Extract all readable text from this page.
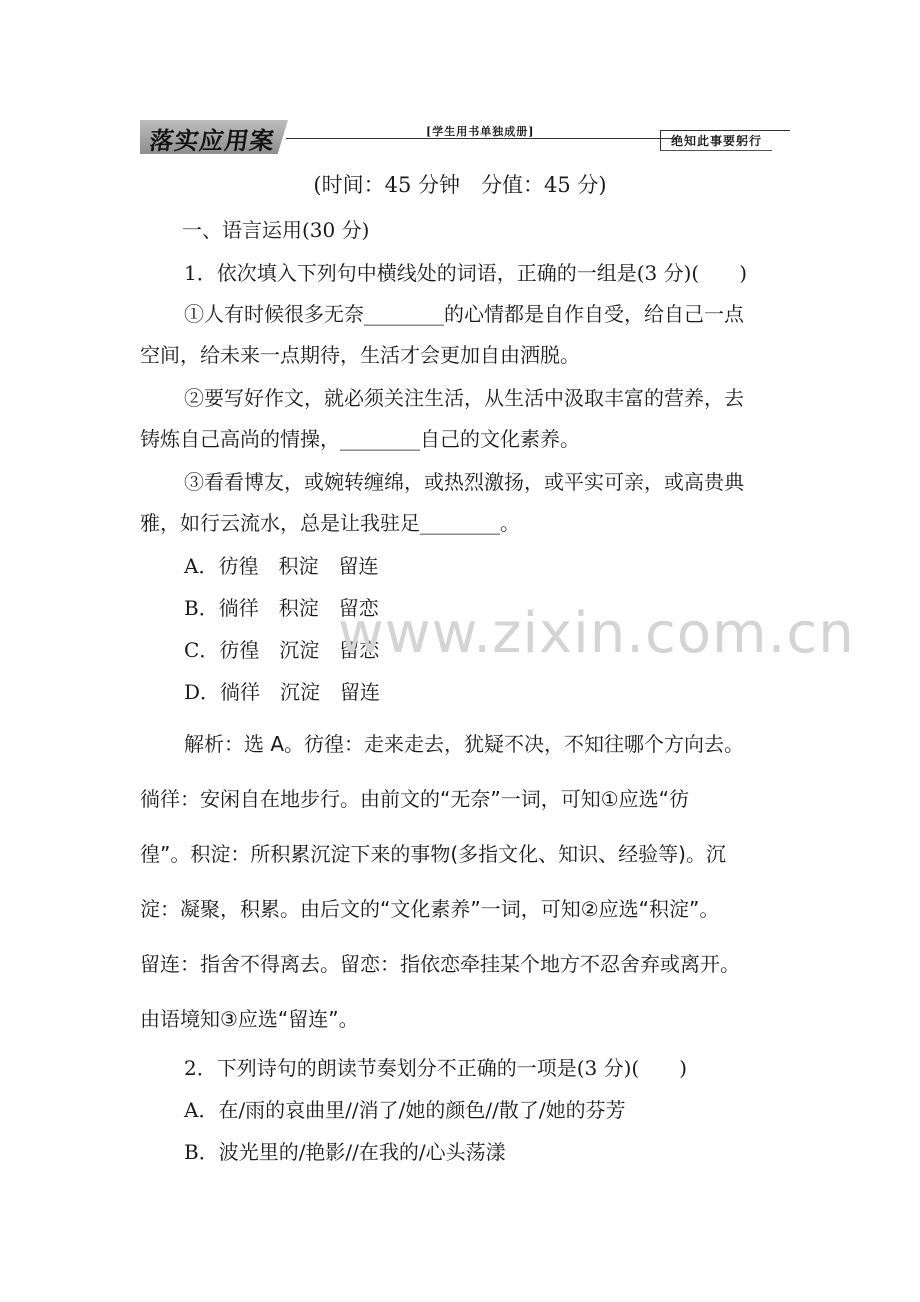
落实应用案	[学生用书单独成册]
绝知此事要躬行
(时间：45 分钟　分值：45 分)
一、语言运用(30 分)
1．依次填入下列句中横线处的词语，正确的一组是(3 分)(　　)
①人有时候很多无奈________的心情都是自作自受，给自己一点
空间，给未来一点期待，生活才会更加自由洒脱。
②要写好作文，就必须关注生活，从生活中汲取丰富的营养，去
铸炼自己高尚的情操，________自己的文化素养。
③看看博友，或婉转缠绵，或热烈激扬，或平实可亲，或高贵典
雅，如行云流水，总是让我驻足________。
A．彷徨　积淀　留连
B．徜徉　积淀　留恋
C．彷徨　沉淀　留恋
D．徜徉　沉淀　留连
解析：选 A。彷徨：走来走去，犹疑不决，不知往哪个方向去。
徜徉：安闲自在地步行。由前文的“无奈”一词，可知①应选“彷
徨”。积淀：所积累沉淀下来的事物(多指文化、知识、经验等)。沉
淀：凝聚，积累。由后文的“文化素养”一词，可知②应选“积淀”。
留连：指舍不得离去。留恋：指依恋牵挂某个地方不忍舍弃或离开。
由语境知③应选“留连”。
2．下列诗句的朗读节奏划分不正确的一项是(3 分)(　　)
A．在/雨的哀曲里//消了/她的颜色//散了/她的芬芳
B．波光里的/艳影//在我的/心头荡漾
www.zixin.com.cn
